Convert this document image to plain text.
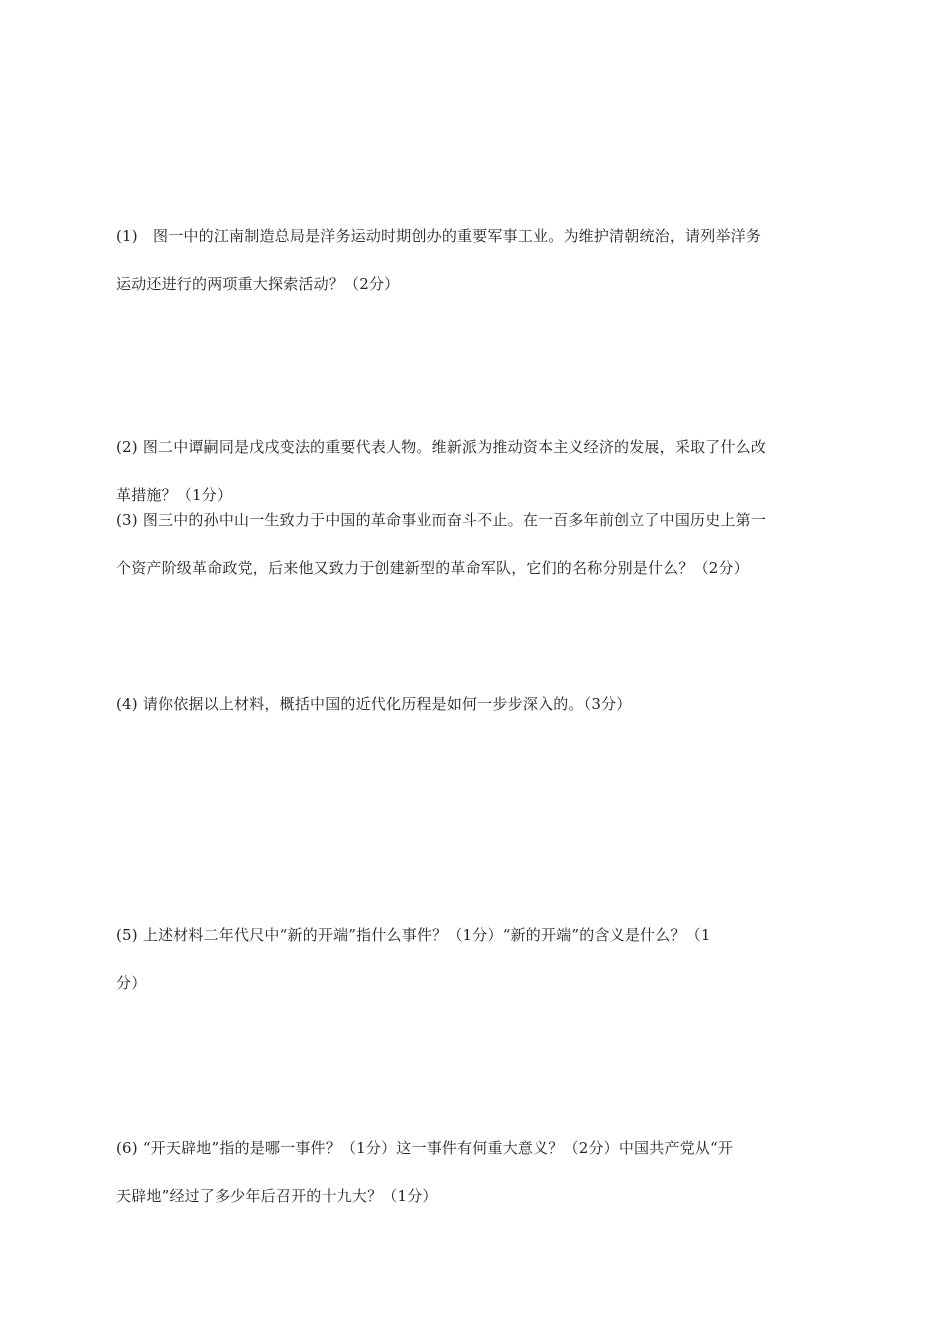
(1)　图一中的江南制造总局是洋务运动时期创办的重要军事工业。为维护清朝统治，请列举洋务
运动还进行的两项重大探索活动？（2分）
(2) 图二中谭嗣同是戊戌变法的重要代表人物。维新派为推动资本主义经济的发展，采取了什么改
革措施？（1分）
(3) 图三中的孙中山一生致力于中国的革命事业而奋斗不止。在一百多年前创立了中国历史上第一
个资产阶级革命政党，后来他又致力于创建新型的革命军队，它们的名称分别是什么？（2分）
(4) 请你依据以上材料，概括中国的近代化历程是如何一步步深入的。（3分）
(5) 上述材料二年代尺中“新的开端”指什么事件？（1分）“新的开端”的含义是什么？（1
分）
(6) “开天辟地”指的是哪一事件？（1分）这一事件有何重大意义？（2分）中国共产党从“开
天辟地”经过了多少年后召开的十九大？（1分）
